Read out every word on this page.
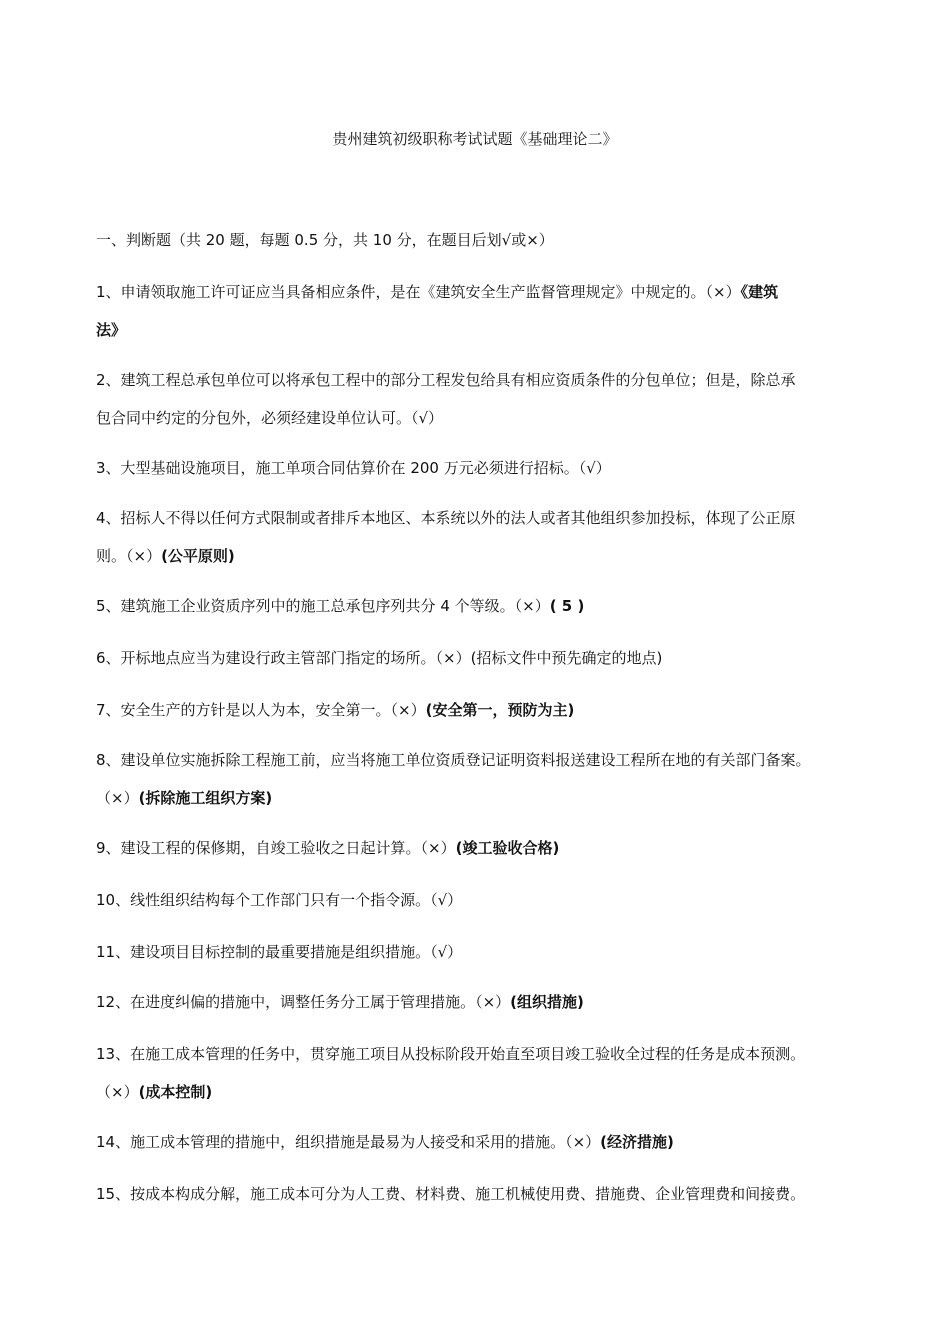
贵州建筑初级职称考试试题《基础理论二》
一、判断题（共 20 题，每题 0.5 分，共 10 分，在题目后划√或×）
1、申请领取施工许可证应当具备相应条件，是在《建筑安全生产监督管理规定》中规定的。（×）《建筑
法》
2、建筑工程总承包单位可以将承包工程中的部分工程发包给具有相应资质条件的分包单位；但是，除总承
包合同中约定的分包外，必须经建设单位认可。（√）
3、大型基础设施项目，施工单项合同估算价在 200 万元必须进行招标。（√）
4、招标人不得以任何方式限制或者排斥本地区、本系统以外的法人或者其他组织参加投标，体现了公正原
则。（×）(公平原则)
5、建筑施工企业资质序列中的施工总承包序列共分 4 个等级。（×）( 5 )
6、开标地点应当为建设行政主管部门指定的场所。（×）(招标文件中预先确定的地点)
7、安全生产的方针是以人为本，安全第一。（×）(安全第一，预防为主)
8、建设单位实施拆除工程施工前，应当将施工单位资质登记证明资料报送建设工程所在地的有关部门备案。
（×）(拆除施工组织方案)
9、建设工程的保修期，自竣工验收之日起计算。（×）(竣工验收合格)
10、线性组织结构每个工作部门只有一个指令源。（√）
11、建设项目目标控制的最重要措施是组织措施。（√）
12、在进度纠偏的措施中，调整任务分工属于管理措施。（×）(组织措施)
13、在施工成本管理的任务中，贯穿施工项目从投标阶段开始直至项目竣工验收全过程的任务是成本预测。
（×）(成本控制)
14、施工成本管理的措施中，组织措施是最易为人接受和采用的措施。（×）(经济措施)
15、按成本构成分解，施工成本可分为人工费、材料费、施工机械使用费、措施费、企业管理费和间接费。
